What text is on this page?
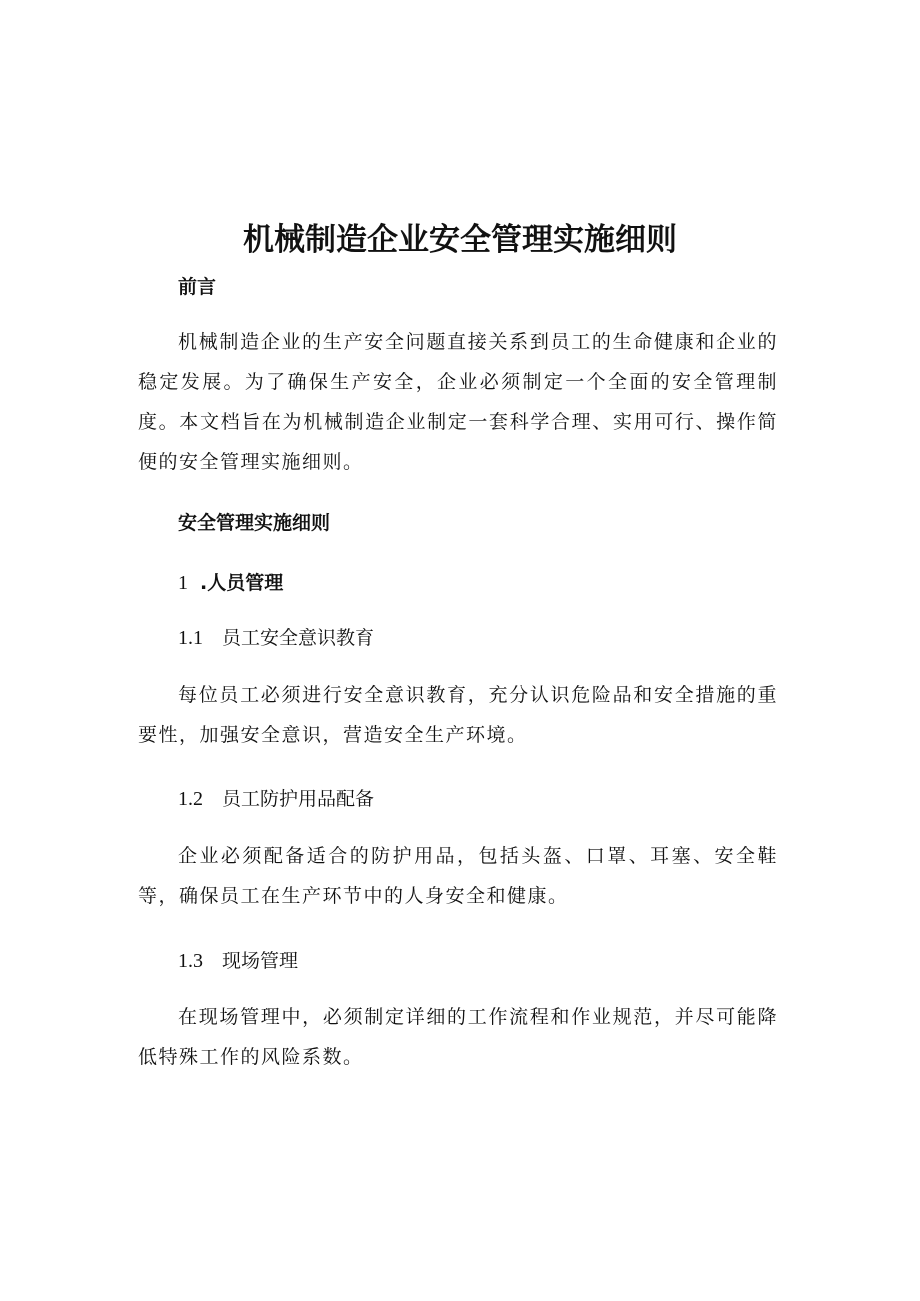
机械制造企业安全管理实施细则
前言

机械制造企业的生产安全问题直接关系到员工的生命健康和企业的稳定发展。为了确保生产安全，企业必须制定一个全面的安全管理制度。本文档旨在为机械制造企业制定一套科学合理、实用可行、操作简便的安全管理实施细则。

安全管理实施细则
1 .人员管理
1.1 员工安全意识教育

每位员工必须进行安全意识教育，充分认识危险品和安全措施的重要性，加强安全意识，营造安全生产环境。

1.2 员工防护用品配备

企业必须配备适合的防护用品，包括头盔、口罩、耳塞、安全鞋等，确保员工在生产环节中的人身安全和健康。

1.3 现场管理

在现场管理中，必须制定详细的工作流程和作业规范，并尽可能降低特殊工作的风险系数。
